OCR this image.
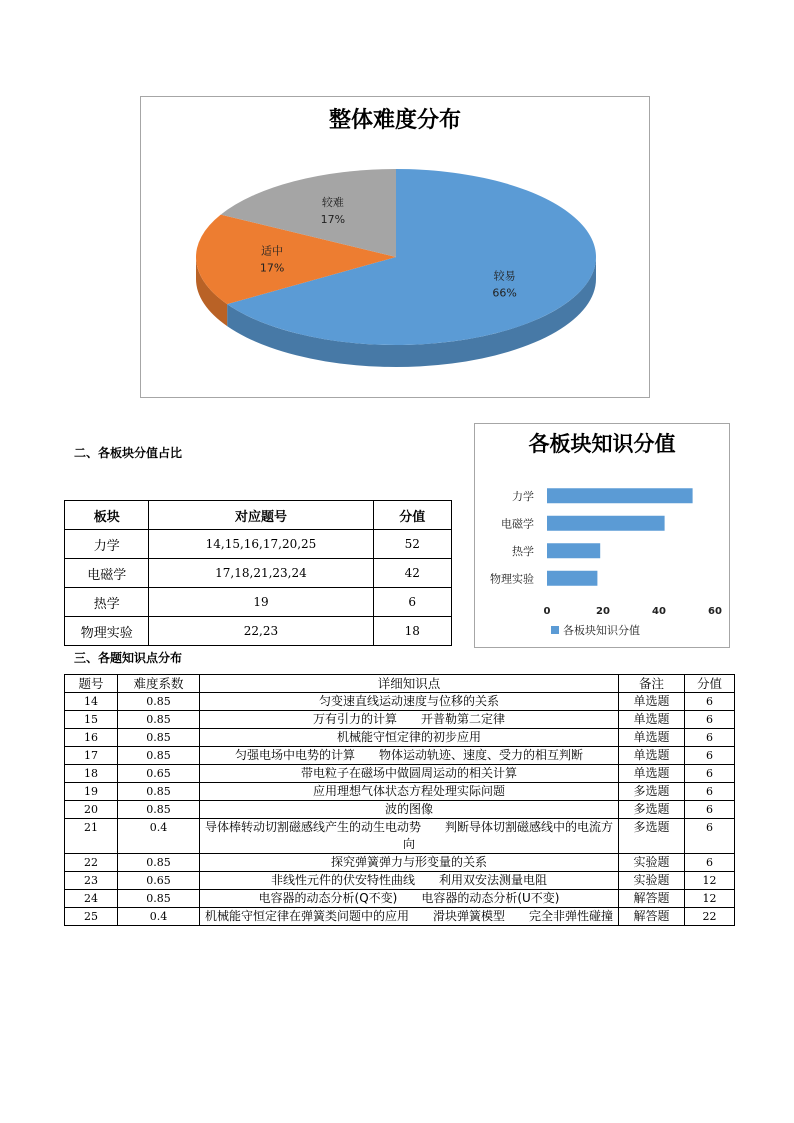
整体难度分布
较易
66%
适中
17%
较难
17%
二、各板块分值占比
板块	对应题号	分值
力学	14,15,16,17,20,25	52
电磁学	17,18,21,23,24	42
热学	19	6
物理实验	22,23	18
各板块知识分值
力学
电磁学
热学
物理实验
0	20	40	60
各板块知识分值
三、各题知识点分布
题号	难度系数	详细知识点	备注	分值
14	0.85	匀变速直线运动速度与位移的关系	单选题	6
15	0.85	万有引力的计算　　开普勒第二定律	单选题	6
16	0.85	机械能守恒定律的初步应用	单选题	6
17	0.85	匀强电场中电势的计算　　物体运动轨迹、速度、受力的相互判断	单选题	6
18	0.65	带电粒子在磁场中做圆周运动的相关计算	单选题	6
19	0.85	应用理想气体状态方程处理实际问题	多选题	6
20	0.85	波的图像	多选题	6
21	0.4	导体棒转动切割磁感线产生的动生电动势　　判断导体切割磁感线中的电流方向	多选题	6
22	0.85	探究弹簧弹力与形变量的关系	实验题	6
23	0.65	非线性元件的伏安特性曲线　　利用双安法测量电阻	实验题	12
24	0.85	电容器的动态分析(Q不变)　　电容器的动态分析(U不变)	解答题	12
25	0.4	机械能守恒定律在弹簧类问题中的应用　　滑块弹簧模型　　完全非弹性碰撞	解答题	22
